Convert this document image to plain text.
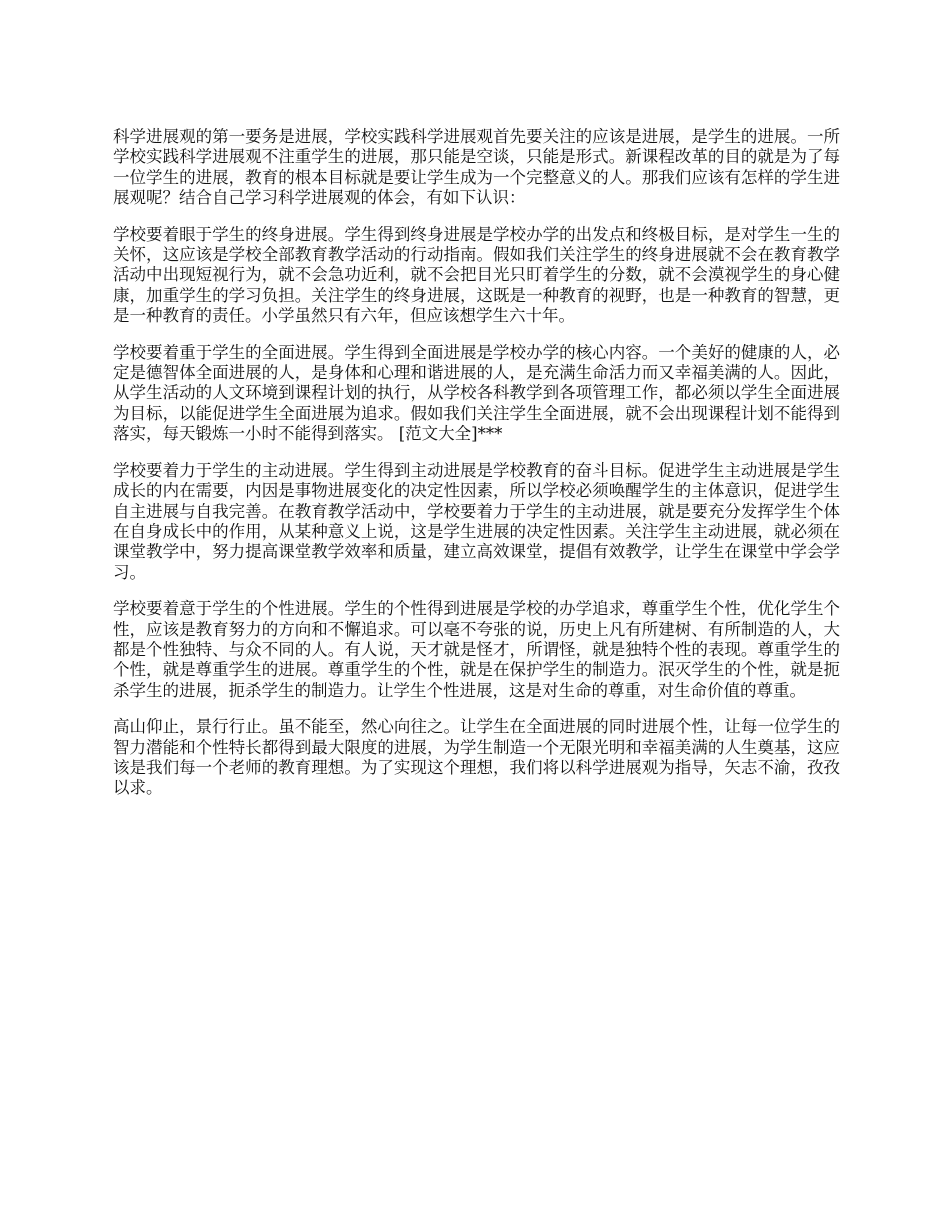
科学进展观的第一要务是进展，学校实践科学进展观首先要关注的应该是进展，是学生的进展。一所学校实践科学进展观不注重学生的进展，那只能是空谈，只能是形式。新课程改革的目的就是为了每一位学生的进展，教育的根本目标就是要让学生成为一个完整意义的人。那我们应该有怎样的学生进展观呢？结合自己学习科学进展观的体会，有如下认识：

学校要着眼于学生的终身进展。学生得到终身进展是学校办学的出发点和终极目标，是对学生一生的关怀，这应该是学校全部教育教学活动的行动指南。假如我们关注学生的终身进展就不会在教育教学活动中出现短视行为，就不会急功近利，就不会把目光只盯着学生的分数，就不会漠视学生的身心健康，加重学生的学习负担。关注学生的终身进展，这既是一种教育的视野，也是一种教育的智慧，更是一种教育的责任。小学虽然只有六年，但应该想学生六十年。

学校要着重于学生的全面进展。学生得到全面进展是学校办学的核心内容。一个美好的健康的人，必定是德智体全面进展的人，是身体和心理和谐进展的人，是充满生命活力而又幸福美满的人。因此，从学生活动的人文环境到课程计划的执行，从学校各科教学到各项管理工作，都必须以学生全面进展为目标，以能促进学生全面进展为追求。假如我们关注学生全面进展，就不会出现课程计划不能得到落实，每天锻炼一小时不能得到落实。 [范文大全]***

学校要着力于学生的主动进展。学生得到主动进展是学校教育的奋斗目标。促进学生主动进展是学生成长的内在需要，内因是事物进展变化的决定性因素，所以学校必须唤醒学生的主体意识，促进学生自主进展与自我完善。在教育教学活动中，学校要着力于学生的主动进展，就是要充分发挥学生个体在自身成长中的作用，从某种意义上说，这是学生进展的决定性因素。关注学生主动进展，就必须在课堂教学中，努力提高课堂教学效率和质量，建立高效课堂，提倡有效教学，让学生在课堂中学会学习。

学校要着意于学生的个性进展。学生的个性得到进展是学校的办学追求，尊重学生个性，优化学生个性，应该是教育努力的方向和不懈追求。可以毫不夸张的说，历史上凡有所建树、有所制造的人，大都是个性独特、与众不同的人。有人说，天才就是怪才，所谓怪，就是独特个性的表现。尊重学生的个性，就是尊重学生的进展。尊重学生的个性，就是在保护学生的制造力。泯灭学生的个性，就是扼杀学生的进展，扼杀学生的制造力。让学生个性进展，这是对生命的尊重，对生命价值的尊重。

高山仰止，景行行止。虽不能至，然心向往之。让学生在全面进展的同时进展个性，让每一位学生的智力潜能和个性特长都得到最大限度的进展，为学生制造一个无限光明和幸福美满的人生奠基，这应该是我们每一个老师的教育理想。为了实现这个理想，我们将以科学进展观为指导，矢志不渝，孜孜以求。
